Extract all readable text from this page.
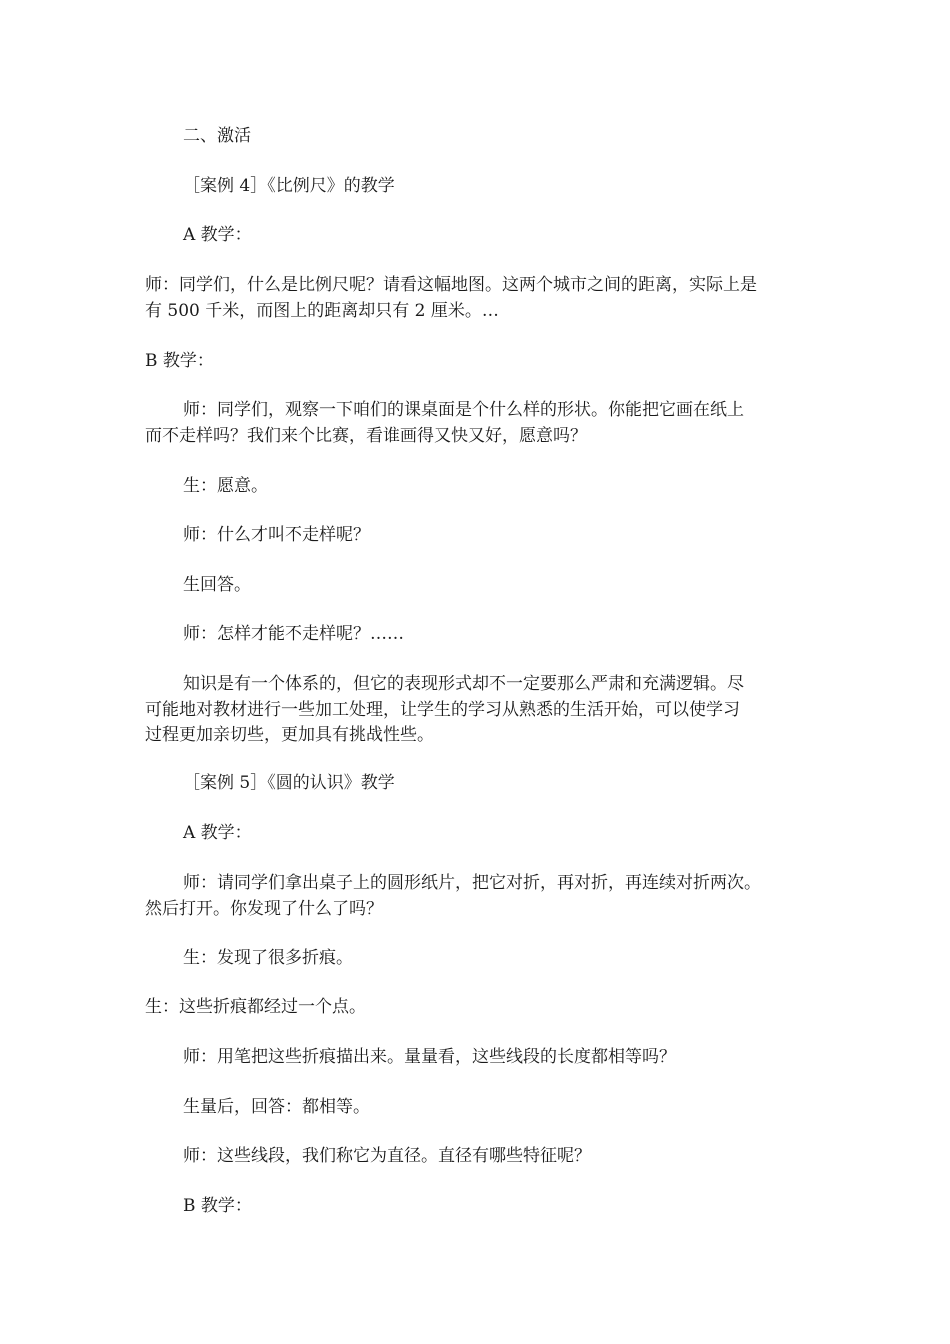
二、激活
［案例 4］《比例尺》的教学
A 教学：
师：同学们，什么是比例尺呢？请看这幅地图。这两个城市之间的距离，实际上是
有 500 千米，而图上的距离却只有 2 厘米。…
B 教学：
师：同学们，观察一下咱们的课桌面是个什么样的形状。你能把它画在纸上
而不走样吗？我们来个比赛，看谁画得又快又好，愿意吗？
生：愿意。
师：什么才叫不走样呢？
生回答。
师：怎样才能不走样呢？……
知识是有一个体系的，但它的表现形式却不一定要那么严肃和充满逻辑。尽
可能地对教材进行一些加工处理，让学生的学习从熟悉的生活开始，可以使学习
过程更加亲切些，更加具有挑战性些。
［案例 5］《圆的认识》教学
A 教学：
师：请同学们拿出桌子上的圆形纸片，把它对折，再对折，再连续对折两次。
然后打开。你发现了什么了吗？
生：发现了很多折痕。
生：这些折痕都经过一个点。
师：用笔把这些折痕描出来。量量看，这些线段的长度都相等吗？
生量后，回答：都相等。
师：这些线段，我们称它为直径。直径有哪些特征呢？
B 教学：
